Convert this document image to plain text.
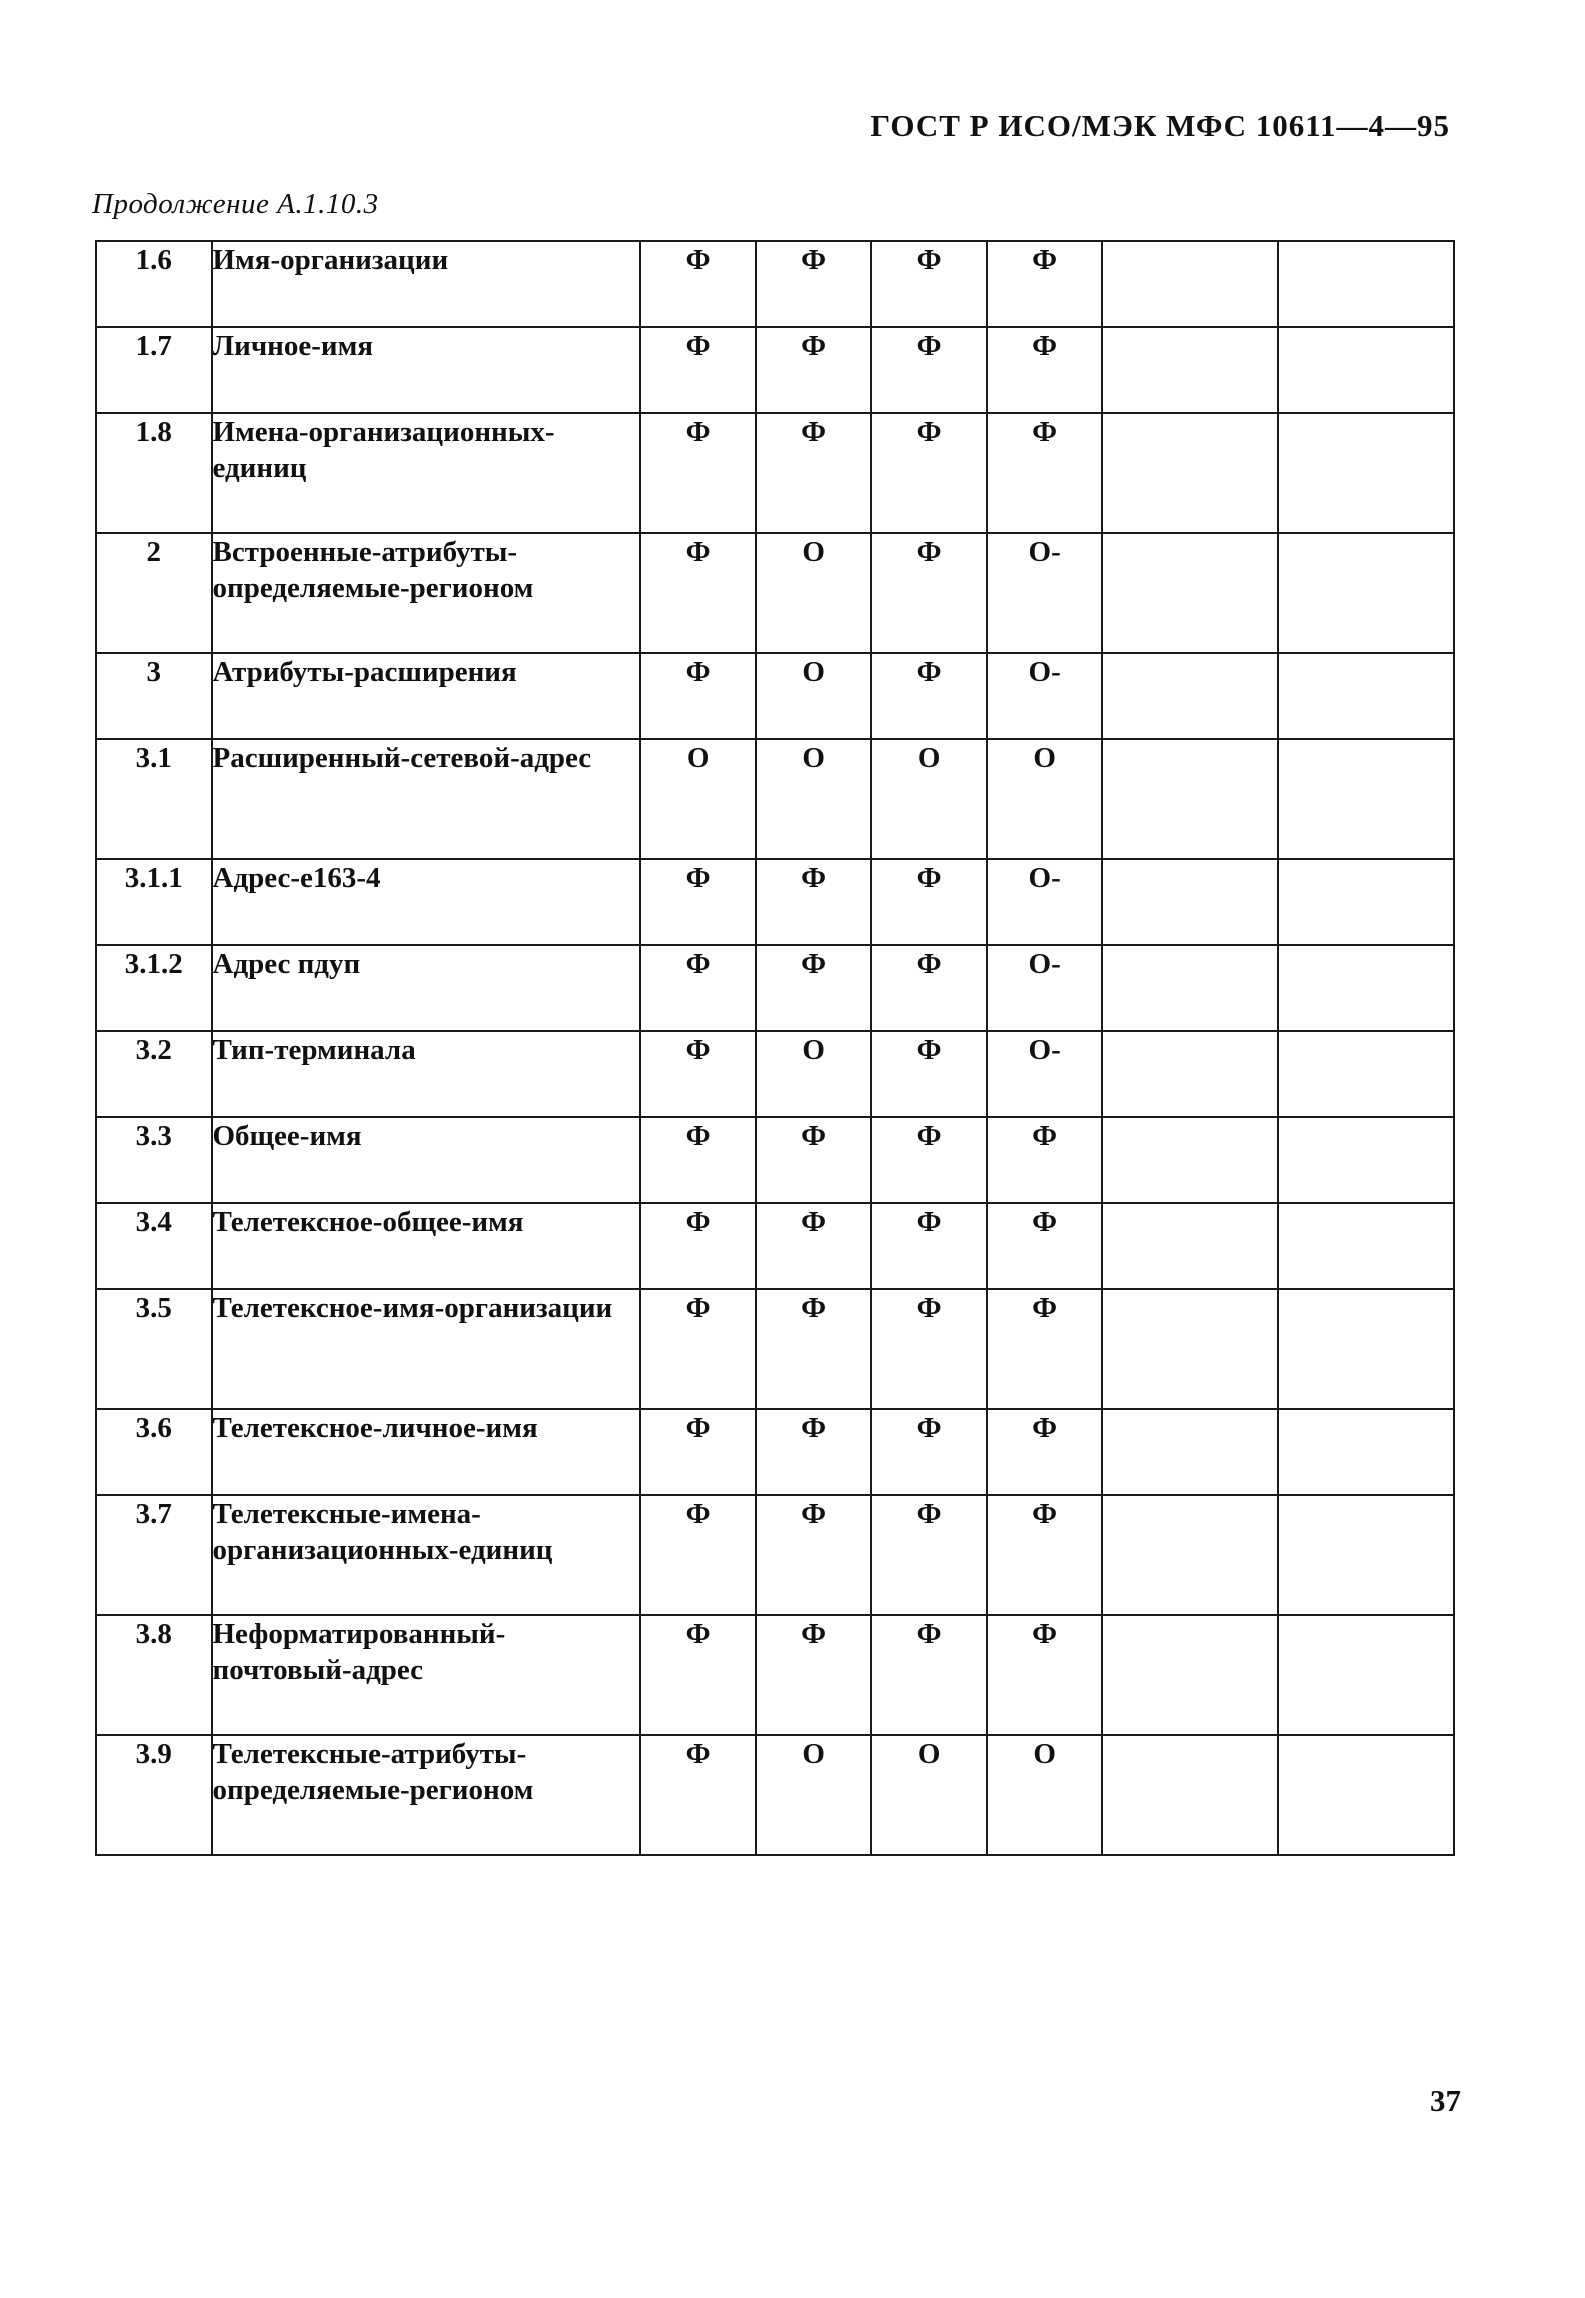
ГОСТ Р ИСО/МЭК МФС 10611—4—95
Продолжение А.1.10.3
1.6	Имя-организации	Ф	Ф	Ф	Ф		
1.7	Личное-имя	Ф	Ф	Ф	Ф		
1.8	Имена-организационных-единиц	Ф	Ф	Ф	Ф		
2	Встроенные-атрибуты-определяемые-регионом	Ф	О	Ф	О-		
3	Атрибуты-расширения	Ф	О	Ф	О-		
3.1	Расширенный-сетевой-адрес	О	О	О	О		
3.1.1	Адрес-е163-4	Ф	Ф	Ф	О-		
3.1.2	Адрес пдуп	Ф	Ф	Ф	О-		
3.2	Тип-терминала	Ф	О	Ф	О-		
3.3	Общее-имя	Ф	Ф	Ф	Ф		
3.4	Телетексное-общее-имя	Ф	Ф	Ф	Ф		
3.5	Телетексное-имя-организации	Ф	Ф	Ф	Ф		
3.6	Телетексное-личное-имя	Ф	Ф	Ф	Ф		
3.7	Телетексные-имена-организационных-единиц	Ф	Ф	Ф	Ф		
3.8	Неформатированный-почтовый-адрес	Ф	Ф	Ф	Ф		
3.9	Телетексные-атрибуты-определяемые-регионом	Ф	О	О	О		
37
